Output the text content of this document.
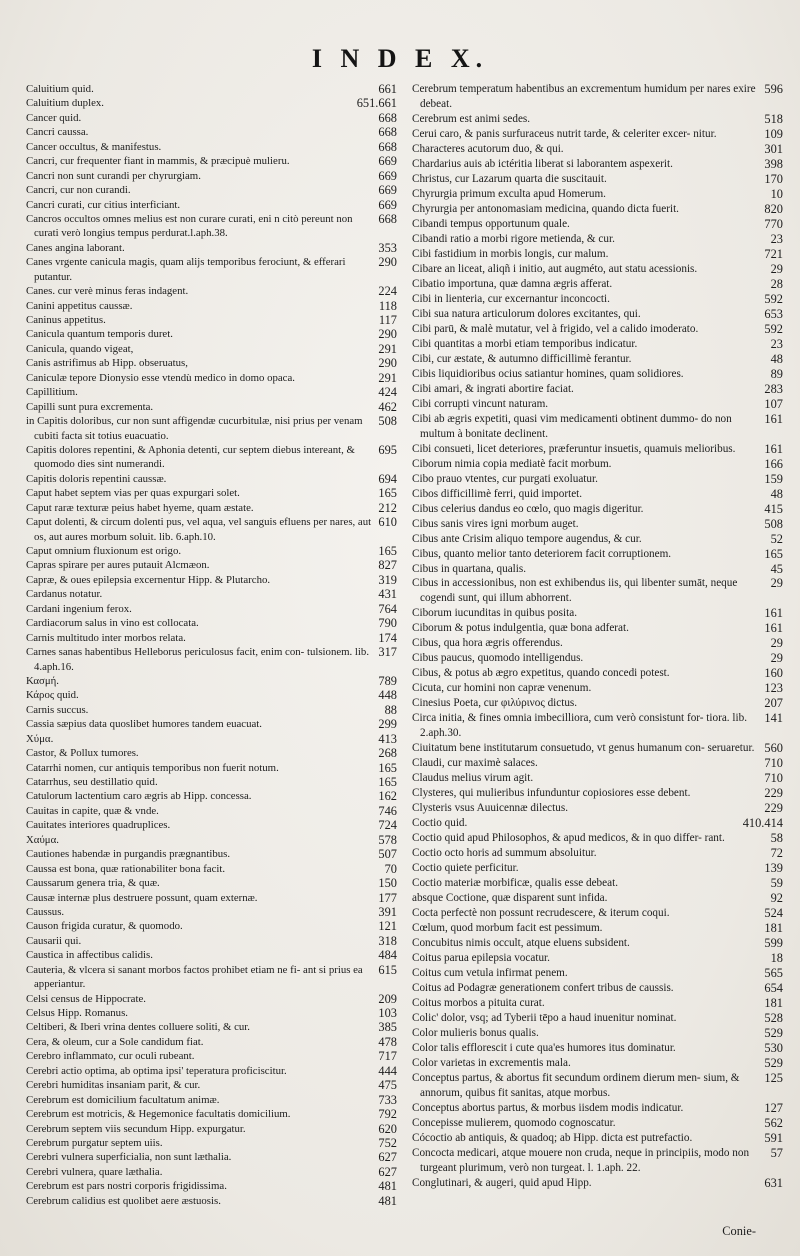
I N D E X.
661
Caluitium quid.
651.661
Caluitium duplex.
668
Cancer quid.
668
Cancri caussa.
668
Cancer occultus, & manifestus.
669
Cancri, cur frequenter fiant in mammis, & præcipuè mulieru.
669
Cancri non sunt curandi per chyrurgiam.
669
Cancri, cur non curandi.
669
Cancri curati, cur citius interficiant.
668
Cancros occultos omnes melius est non curare curati, eni n citò pereunt non curati verò longius tempus perdurat.l.aph.38.
353
Canes angina laborant.
290
Canes vrgente canicula magis, quam alijs temporibus ferociunt, & efferari putantur.
224
Canes. cur verè minus feras indagent.
118
Canini appetitus caussæ.
117
Caninus appetitus.
290
Canicula quantum temporis duret.
291
Canicula, quando vigeat,
290
Canis astrifimus ab Hipp. obseruatus,
291
Caniculæ tepore Dionysio esse vtendù medico in domo opaca.
424
Capillitium.
462
Capilli sunt pura excrementa.
508
in Capitis doloribus, cur non sunt affigendæ cucurbitulæ, nisi prius per venam cubiti facta sit totius euacuatio.
695
Capitis dolores repentini, & Aphonia detenti, cur septem diebus intereant, & quomodo dies sint numerandi.
694
Capitis doloris repentini caussæ.
165
Caput habet septem vias per quas expurgari solet.
212
Caput raræ texturæ peius habet hyeme, quam æstate.
610
Caput dolenti, & circum dolenti pus, vel aqua, vel sanguis efluens per nares, aut os, aut aures morbum soluit. lib. 6.aph.10.
165
Caput omnium fluxionum est origo.
827
Capras spirare per aures putauit Alcmæon.
319
Capræ, & oues epilepsia excernentur Hipp. & Plutarcho.
431
Cardanus notatur.
764
Cardani ingenium ferox.
790
Cardiacorum salus in vino est collocata.
174
Carnis multitudo inter morbos relata.
317
Carnes sanas habentibus Helleborus periculosus facit, enim con- tulsionem. lib. 4.aph.16.
789
Κασμή.
448
Κάρος quid.
88
Carnis succus.
299
Cassia sæpius data quoslibet humores tandem euacuat.
413
Χύμα.
268
Castor, & Pollux tumores.
165
Catarrhi nomen, cur antiquis temporibus non fuerit notum.
165
Catarrhus, seu destillatio quid.
162
Catulorum lactentium caro ægris ab Hipp. concessa.
746
Cauitas in capite, quæ & vnde.
724
Cauitates interiores quadruplices.
578
Χαύμα.
507
Cautiones habendæ in purgandis prægnantibus.
70
Caussa est bona, quæ rationabiliter bona facit.
150
Caussarum genera tria, & quæ.
177
Causæ internæ plus destruere possunt, quam externæ.
391
Caussus.
121
Causon frigida curatur, & quomodo.
318
Causarii qui.
484
Caustica in affectibus calidis.
615
Cauteria, & vlcera si sanant morbos factos prohibet etiam ne fi- ant si prius ea apperiantur.
209
Celsi census de Hippocrate.
103
Celsus Hipp. Romanus.
385
Celtiberi, & Iberi vrina dentes colluere soliti, & cur.
478
Cera, & oleum, cur a Sole candidum fiat.
717
Cerebro inflammato, cur oculi rubeant.
444
Cerebri actio optima, ab optima ipsi' teperatura proficiscitur.
475
Cerebri humiditas insaniam parit, & cur.
733
Cerebrum est domicilium facultatum animæ.
792
Cerebrum est motricis, & Hegemonice facultatis domicilium.
620
Cerebrum septem viis secundum Hipp. expurgatur.
752
Cerebrum purgatur septem uiis.
627
Cerebri vulnera superficialia, non sunt læthalia.
627
Cerebri vulnera, quare læthalia.
481
Cerebrum est pars nostri corporis frigidissima.
481
Cerebrum calidius est quolibet aere æstuosis.
596
Cerebrum temperatum habentibus an excrementum humidum per nares exire debeat.
518
Cerebrum est animi sedes.
109
Cerui caro, & panis surfuraceus nutrit tarde, & celeriter excer- nitur.
301
Characteres acutorum duo, & qui.
398
Chardarius auis ab ictéritia liberat si laborantem aspexerit.
170
Christus, cur Lazarum quarta die suscitauit.
10
Chyrurgia primum exculta apud Homerum.
820
Chyrurgia per antonomasiam medicina, quando dicta fuerit.
770
Cibandi tempus opportunum quale.
23
Cibandi ratio a morbi rigore metienda, & cur.
721
Cibi fastidium in morbis longis, cur malum.
29
Cibare an liceat, aliqñ i initio, aut augméto, aut statu acessionis.
28
Cibatio importuna, quæ damna ægris afferat.
592
Cibi in lienteria, cur excernantur inconcocti.
653
Cibi sua natura articulorum dolores excitantes, qui.
592
Cibi parū, & malè mutatur, vel à frigido, vel a calido imoderato.
23
Cibi quantitas a morbi etiam temporibus indicatur.
48
Cibi, cur æstate, & autumno difficillimè ferantur.
89
Cibis liquidioribus ocius satiantur homines, quam solidiores.
283
Cibi amari, & ingrati abortire faciat.
107
Cibi corrupti vincunt naturam.
161
Cibi ab ægris expetiti, quasi vim medicamenti obtinent dummo- do non multum à bonitate declinent.
161
Cibi consueti, licet deteriores, præferuntur insuetis, quamuis melioribus.
166
Ciborum nimia copia mediatè facit morbum.
159
Cibo prauo vtentes, cur purgati exoluatur.
48
Cibos difficillimè ferri, quid importet.
415
Cibus celerius dandus eo cœlo, quo magis digeritur.
508
Cibus sanis vires igni morbum auget.
52
Cibus ante Crisim aliquo tempore augendus, & cur.
165
Cibus, quanto melior tanto deteriorem facit corruptionem.
45
Cibus in quartana, qualis.
29
Cibus in accessionibus, non est exhibendus iis, qui libenter sumāt, neque cogendi sunt, qui illum abhorrent.
161
Ciborum iucunditas in quibus posita.
161
Ciborum & potus indulgentia, quæ bona adferat.
29
Cibus, qua hora ægris offerendus.
29
Cibus paucus, quomodo intelligendus.
160
Cibus, & potus ab ægro expetitus, quando concedi potest.
123
Cicuta, cur homini non capræ venenum.
207
Cinesius Poeta, cur φιλύρινος dictus.
141
Circa initia, & fines omnia imbecilliora, cum verò consistunt for- tiora. lib. 2.aph.30.
560
Ciuitatum bene institutarum consuetudo, vt genus humanum con- seruaretur.
710
Claudi, cur maximè salaces.
710
Claudus melius virum agit.
229
Clysteres, qui mulieribus infunduntur copiosiores esse debent.
229
Clysteris vsus Auuicennæ dilectus.
410.414
Coctio quid.
58
Coctio quid apud Philosophos, & apud medicos, & in quo differ- rant.
72
Coctio octo horis ad summum absoluitur.
139
Coctio quiete perficitur.
59
Coctio materiæ morbificæ, qualis esse debeat.
92
absque Coctione, quæ disparent sunt infida.
524
Cocta perfectè non possunt recrudescere, & iterum coqui.
181
Cœlum, quod morbum facit est pessimum.
599
Concubitus nimis occult, atque eluens subsident.
18
Coitus parua epilepsia vocatur.
565
Coitus cum vetula infirmat penem.
654
Coitus ad Podagræ generationem confert tribus de caussis.
181
Coitus morbos a pituita curat.
528
Colic' dolor, vsq; ad Tyberii tēpo a haud inuenitur nominat.
529
Color mulieris bonus qualis.
530
Color talis efflorescit i cute qua'es humores itus dominatur.
529
Color varietas in excrementis mala.
125
Conceptus partus, & abortus fit secundum ordinem dierum men- sium, & annorum, quibus fit sanitas, atque morbus.
127
Conceptus abortus partus, & morbus iisdem modis indicatur.
562
Concepisse mulierem, quomodo cognoscatur.
591
Cócoctio ab antiquis, & quadoq; ab Hipp. dicta est putrefactio.
57
Concocta medicari, atque mouere non cruda, neque in principiis, modo non turgeant plurimum, verò non turgeat. l. 1.aph. 22.
631
Conglutinari, & augeri, quid apud Hipp.
Conie-
